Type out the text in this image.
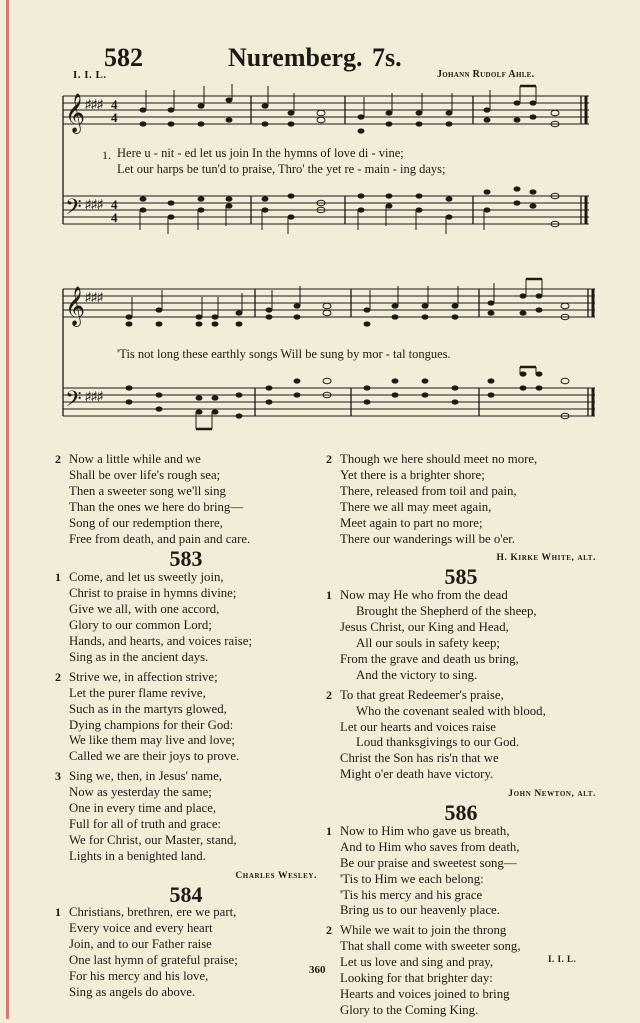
582	Nuremberg. 7s.
I. I. L.	Johann Rudolf Ahle.
𝄞
𝄢
♯♯♯
♯♯♯
4
4
4
4
1. Here u - nit - ed let us join In the hymns of love di - vine;
Let our harps be tun'd to praise, Thro' the yet re - main - ing days;
𝄞
𝄢
♯♯♯
♯♯♯
'Tis not long these earthly songs Will be sung by mor - tal tongues.
2 Now a little while and we
Shall be over life's rough sea;
Then a sweeter song we'll sing
Than the ones we here do bring—
Song of our redemption there,
Free from death, and pain and care.
583
1 Come, and let us sweetly join,
Christ to praise in hymns divine;
Give we all, with one accord,
Glory to our common Lord;
Hands, and hearts, and voices raise;
Sing as in the ancient days.
2 Strive we, in affection strive;
Let the purer flame revive,
Such as in the martyrs glowed,
Dying champions for their God:
We like them may live and love;
Called we are their joys to prove.
3 Sing we, then, in Jesus' name,
Now as yesterday the same;
One in every time and place,
Full for all of truth and grace:
We for Christ, our Master, stand,
Lights in a benighted land.
Charles Wesley.
584
1 Christians, brethren, ere we part,
Every voice and every heart
Join, and to our Father raise
One last hymn of grateful praise;
For his mercy and his love,
Sing as angels do above.
2 Though we here should meet no more,
Yet there is a brighter shore;
There, released from toil and pain,
There we all may meet again,
Meet again to part no more;
There our wanderings will be o'er.
H. Kirke White, alt.
585
1 Now may He who from the dead
Brought the Shepherd of the sheep,
Jesus Christ, our King and Head,
All our souls in safety keep;
From the grave and death us bring,
And the victory to sing.
2 To that great Redeemer's praise,
Who the covenant sealed with blood,
Let our hearts and voices raise
Loud thanksgivings to our God.
Christ the Son has ris'n that we
Might o'er death have victory.
John Newton, alt.
586
1 Now to Him who gave us breath,
And to Him who saves from death,
Be our praise and sweetest song—
'Tis to Him we each belong:
'Tis his mercy and his grace
Bring us to our heavenly place.
2 While we wait to join the throng
That shall come with sweeter song,
Let us love and sing and pray,
Looking for that brighter day:
Hearts and voices joined to bring
Glory to the Coming King.
360
I. I. L.
